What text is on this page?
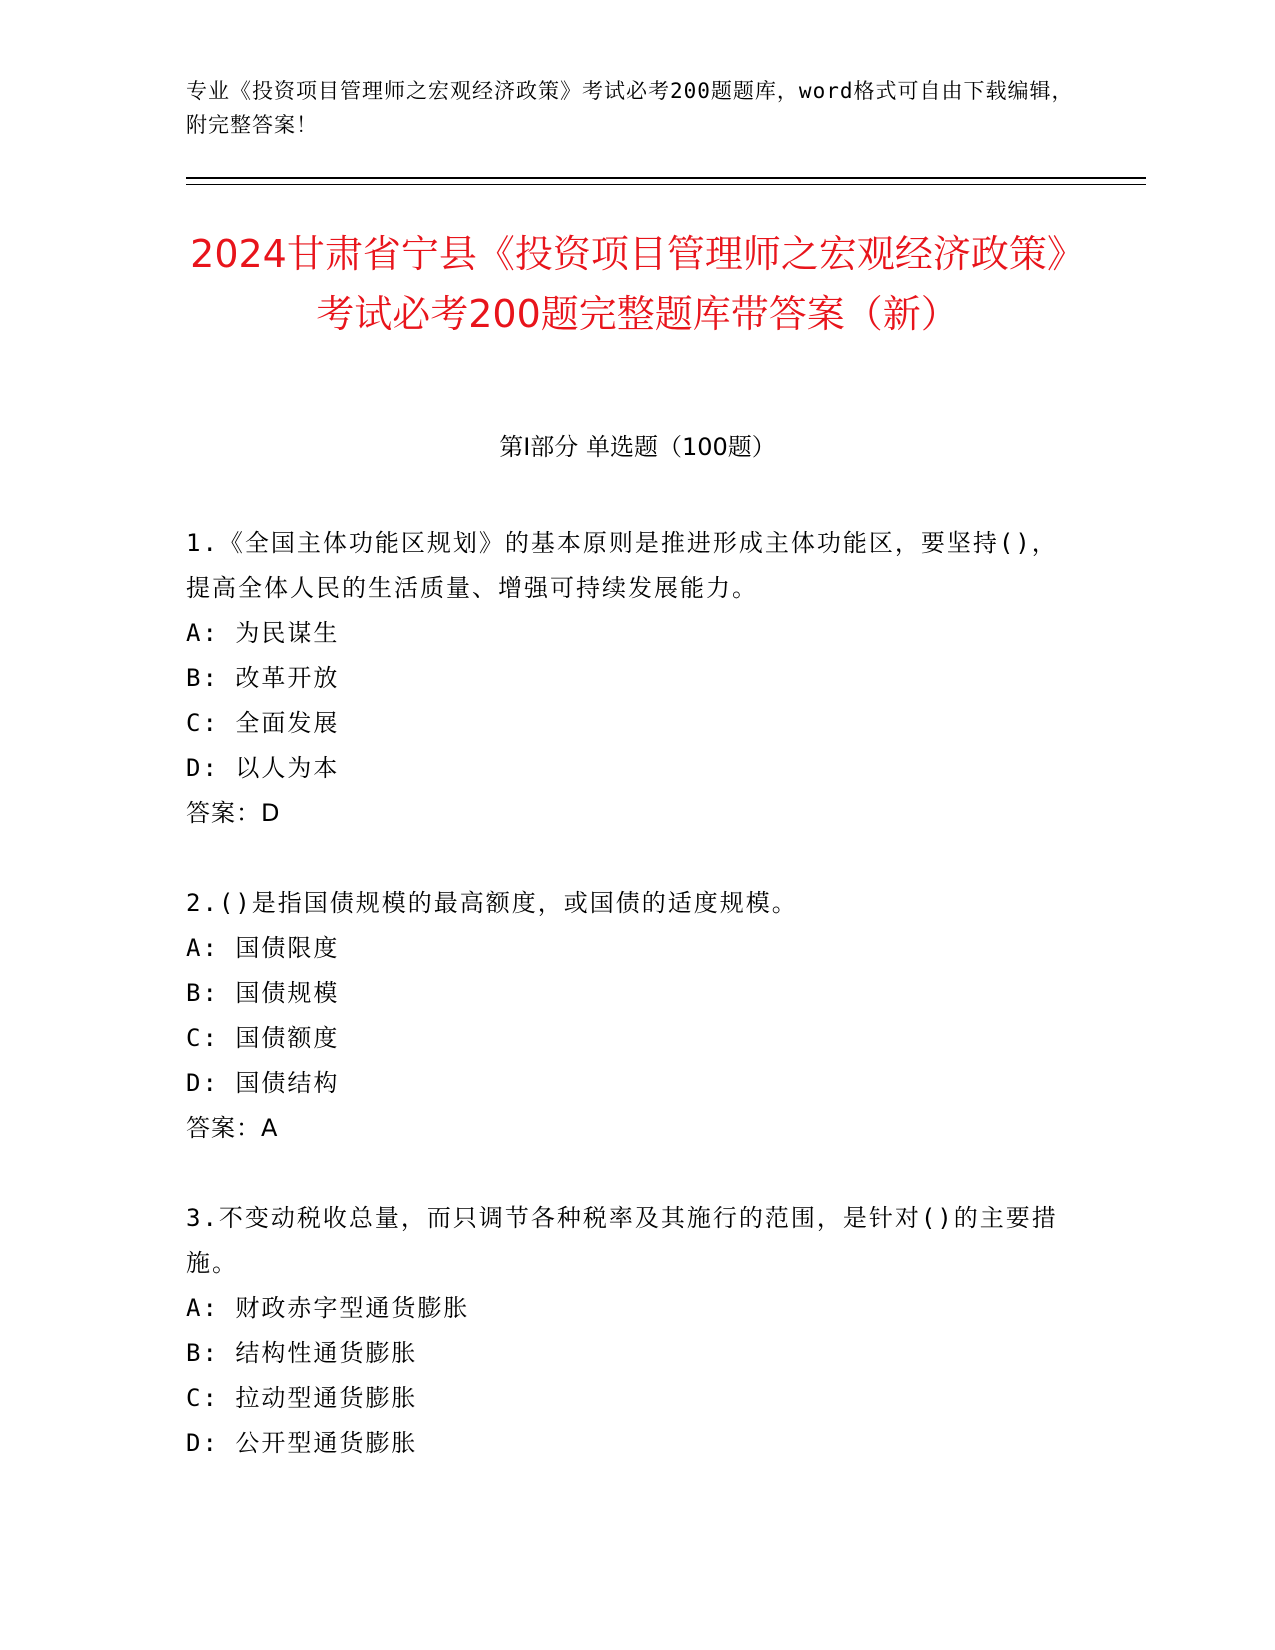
专业《投资项目管理师之宏观经济政策》考试必考200题题库，word格式可自由下载编辑，附完整答案！
2024甘肃省宁县《投资项目管理师之宏观经济政策》考试必考200题完整题库带答案（新）
第I部分 单选题（100题）
1.《全国主体功能区规划》的基本原则是推进形成主体功能区，要坚持()，提高全体人民的生活质量、增强可持续发展能力。
A: 为民谋生
B: 改革开放
C: 全面发展
D: 以人为本
答案：D
2.()是指国债规模的最高额度，或国债的适度规模。
A: 国债限度
B: 国债规模
C: 国债额度
D: 国债结构
答案：A
3.不变动税收总量，而只调节各种税率及其施行的范围，是针对()的主要措施。
A: 财政赤字型通货膨胀
B: 结构性通货膨胀
C: 拉动型通货膨胀
D: 公开型通货膨胀
